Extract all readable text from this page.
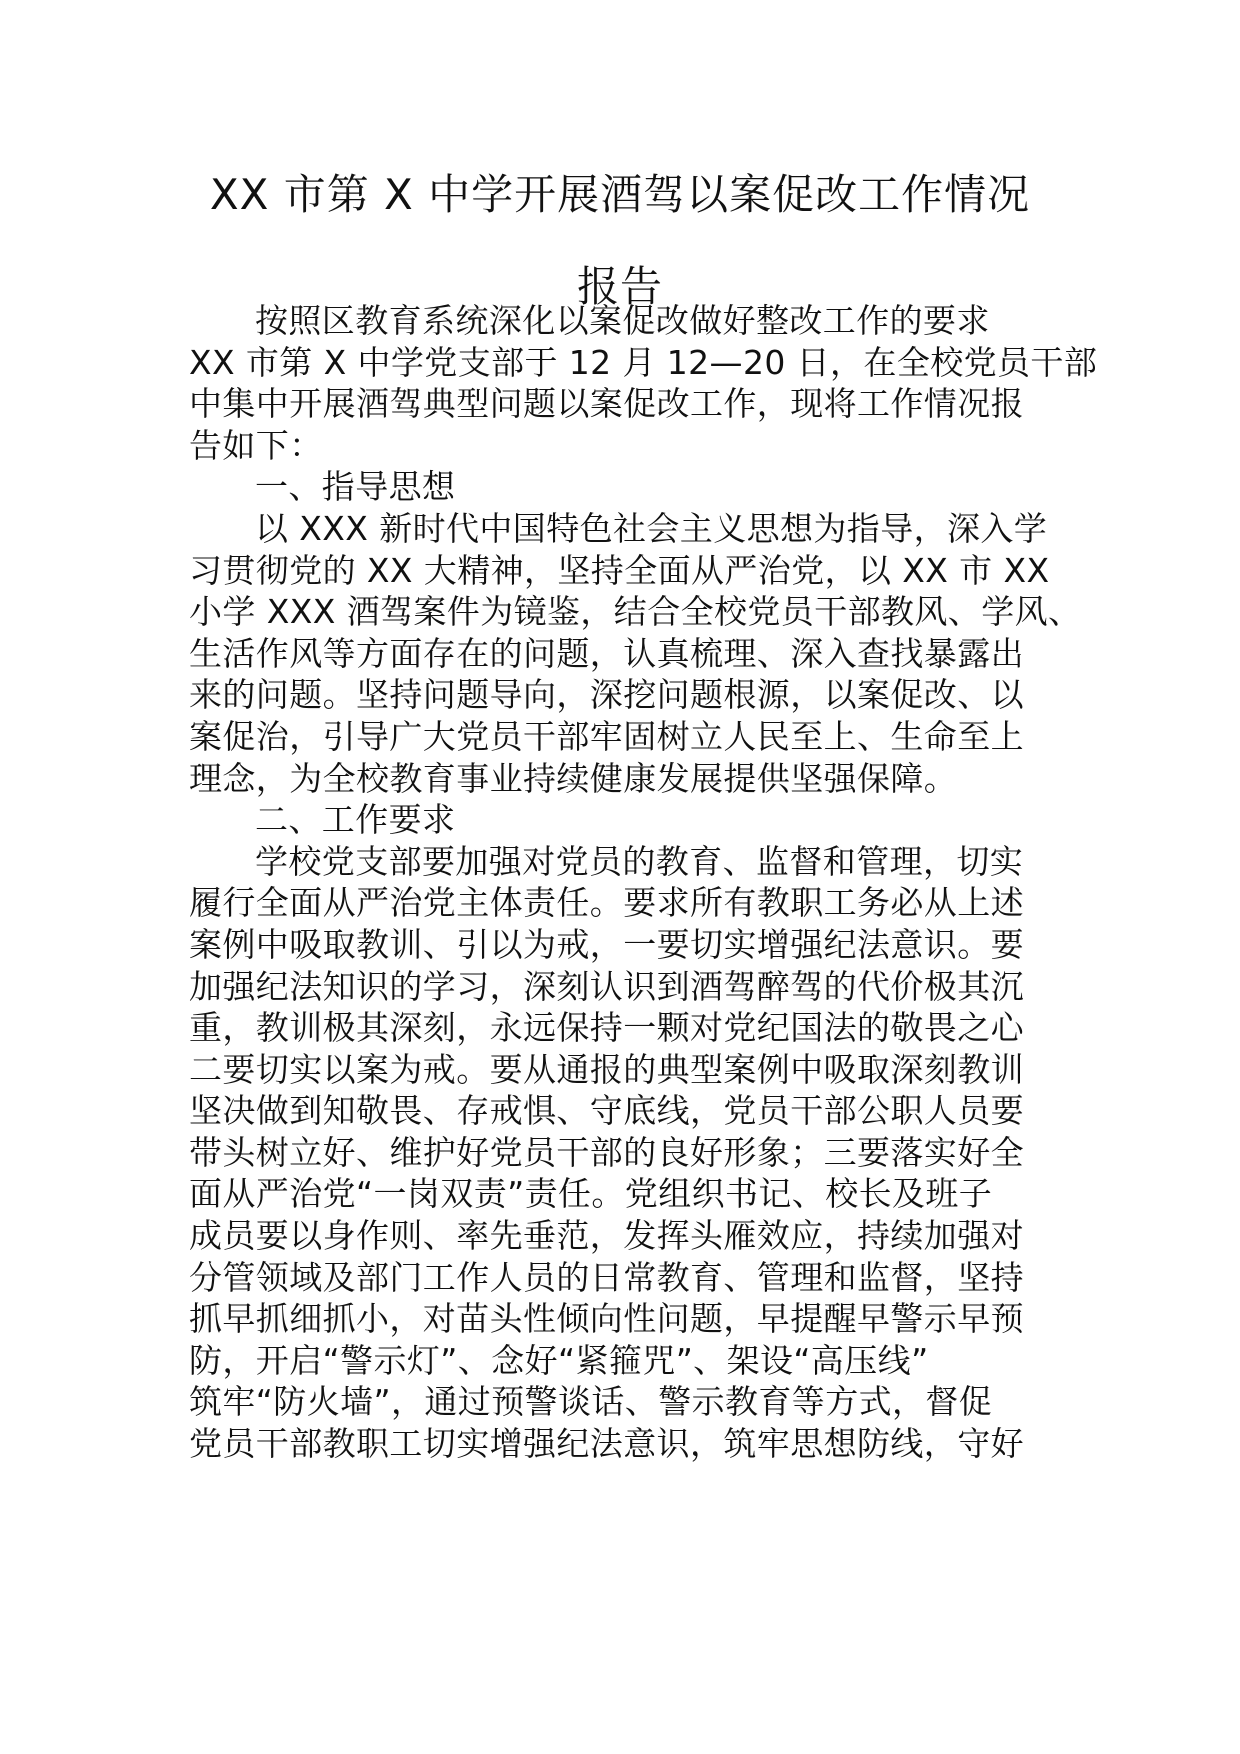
XX 市第 X 中学开展酒驾以案促改工作情况
报告
按照区教育系统深化以案促改做好整改工作的要求
XX 市第 X 中学党支部于 12 月 12—20 日，在全校党员干部
中集中开展酒驾典型问题以案促改工作，现将工作情况报
告如下：
一、指导思想
以 XXX 新时代中国特色社会主义思想为指导，深入学
习贯彻党的 XX 大精神，坚持全面从严治党，以 XX 市 XX
小学 XXX 酒驾案件为镜鉴，结合全校党员干部教风、学风、
生活作风等方面存在的问题，认真梳理、深入查找暴露出
来的问题。坚持问题导向，深挖问题根源，以案促改、以
案促治，引导广大党员干部牢固树立人民至上、生命至上
理念，为全校教育事业持续健康发展提供坚强保障。
二、工作要求
学校党支部要加强对党员的教育、监督和管理，切实
履行全面从严治党主体责任。要求所有教职工务必从上述
案例中吸取教训、引以为戒，一要切实增强纪法意识。要
加强纪法知识的学习，深刻认识到酒驾醉驾的代价极其沉
重，教训极其深刻，永远保持一颗对党纪国法的敬畏之心
二要切实以案为戒。要从通报的典型案例中吸取深刻教训
坚决做到知敬畏、存戒惧、守底线，党员干部公职人员要
带头树立好、维护好党员干部的良好形象；三要落实好全
面从严治党“一岗双责”责任。党组织书记、校长及班子
成员要以身作则、率先垂范，发挥头雁效应，持续加强对
分管领域及部门工作人员的日常教育、管理和监督，坚持
抓早抓细抓小，对苗头性倾向性问题，早提醒早警示早预
防，开启“警示灯”、念好“紧箍咒”、架设“高压线”
筑牢“防火墙”，通过预警谈话、警示教育等方式，督促
党员干部教职工切实增强纪法意识，筑牢思想防线，守好
